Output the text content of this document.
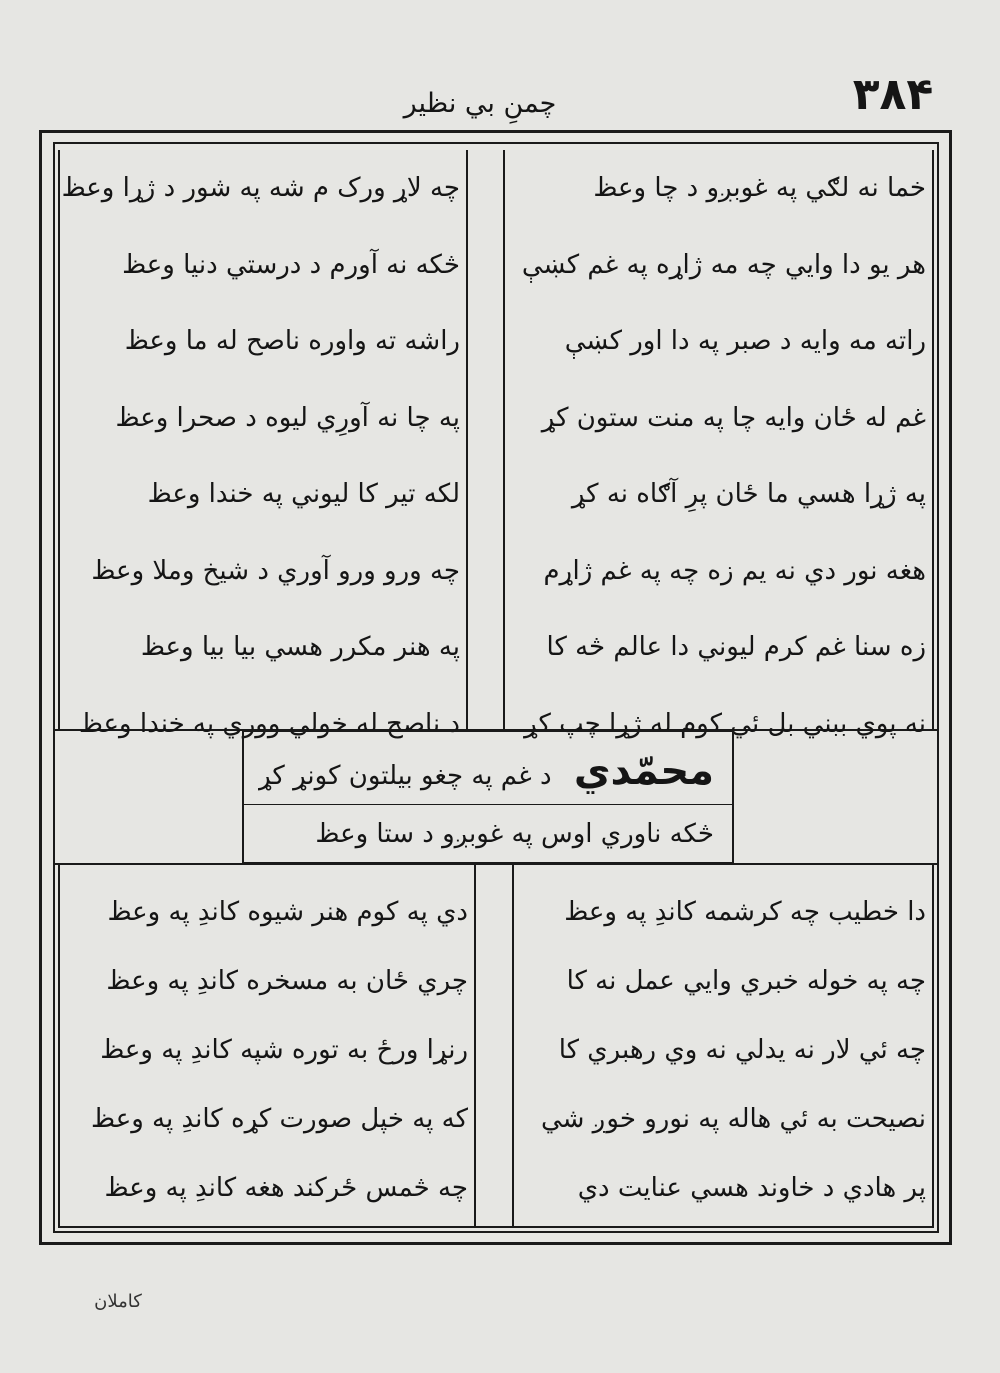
چمنِ بي نظير	۳۸۴
خما نه لګي په غوبږو د چا وعظ
هر يو دا وايي چه مه ژاړه په غم کښې
راته مه وايه د صبر په دا اور کښې
غم له ځان وايه چا په منت ستون کړ
په ژړا هسي ما ځان پرِ آګاه نه کړ
هغه نور دي نه يم زه چه په غم ژاړم
زه سنا غم کرم ليوني دا عالم څه کا
نه پوي ببني بل ئي کوم له ژړا چپ کړ
چه لاړ ورک م شه په شور د ژړا وعظ
څکه نه آورم د درستي دنيا وعظ
راشه ته واوره ناصح له ما وعظ
په چا نه آورِي ليوه د صحرا وعظ
لکه تير کا ليوني په خندا وعظ
چه ورو ورو آوري د شيخ وملا وعظ
په هنر مکرر هسي بيا بيا وعظ
د ناصح له خولي ووري په خندا وعظ
محمّدي د غم په چغو بيلتون کونړ کړ
څکه ناوري اوس په غوبږو د ستا وعظ
دا خطيب چه کرشمه کاندِ په وعظ
چه په خوله خبري وايي عمل نه کا
چه ئي لار نه يدلي نه وي رهبري کا
نصيحت به ئي هاله په نورو خوږ شي
پر هادي د خاوند هسي عنايت دي
دي په کوم هنر شيوه کاندِ په وعظ
چري ځان به مسخره کاندِ په وعظ
رنړا ورځ به توره شپه کاندِ په وعظ
که په خپل صورت کړه کاندِ په وعظ
چه څمس ځرکند هغه کاندِ په وعظ
کاملان
